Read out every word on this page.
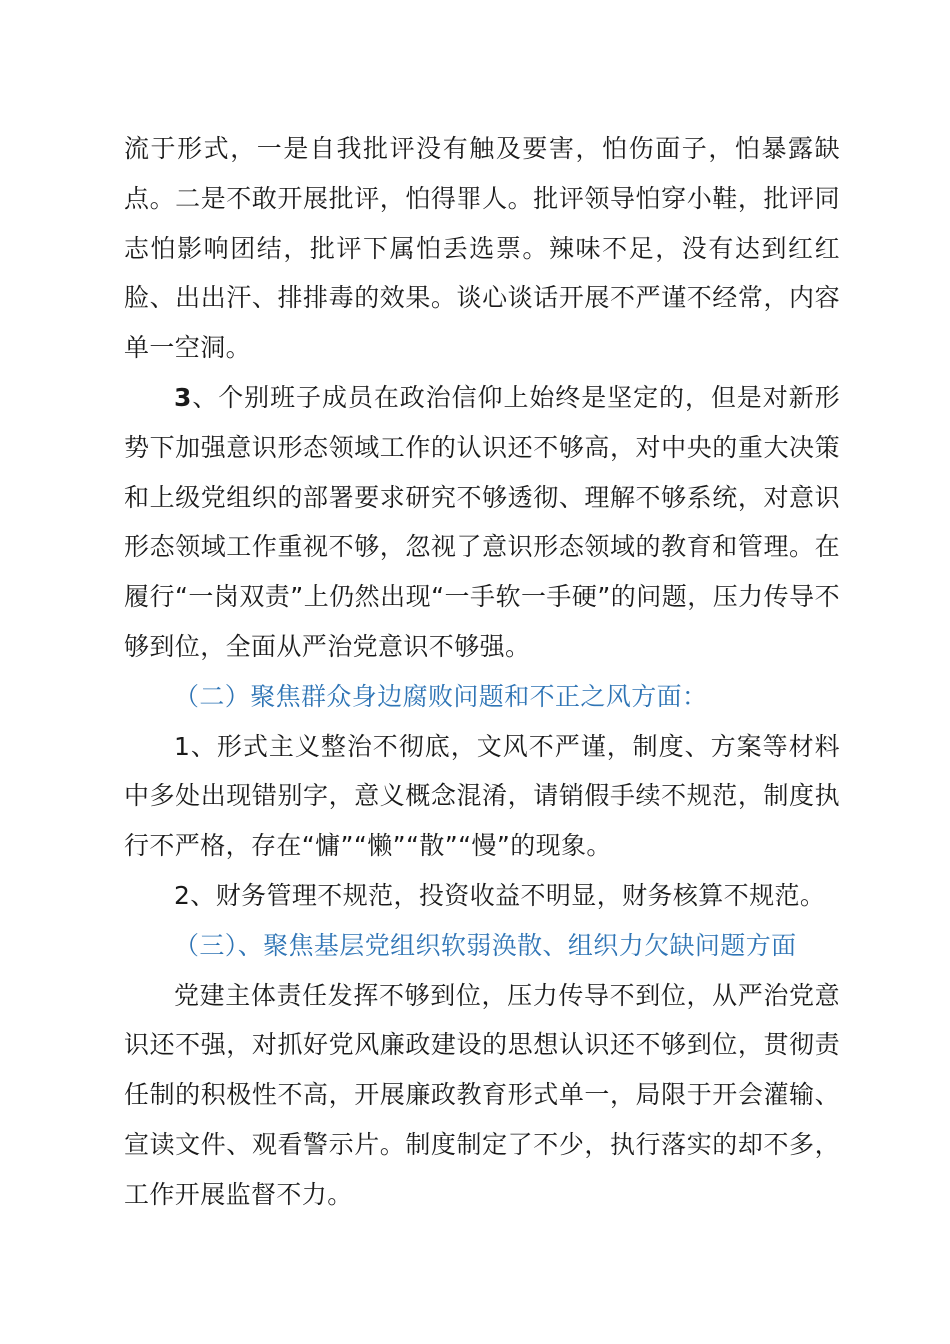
流于形式，一是自我批评没有触及要害，怕伤面子，怕暴露缺点。二是不敢开展批评，怕得罪人。批评领导怕穿小鞋，批评同志怕影响团结，批评下属怕丢选票。辣味不足，没有达到红红脸、出出汗、排排毒的效果。谈心谈话开展不严谨不经常，内容单一空洞。

3、个别班子成员在政治信仰上始终是坚定的，但是对新形势下加强意识形态领域工作的认识还不够高，对中央的重大决策和上级党组织的部署要求研究不够透彻、理解不够系统，对意识形态领域工作重视不够，忽视了意识形态领域的教育和管理。在履行“一岗双责”上仍然出现“一手软一手硬”的问题，压力传导不够到位，全面从严治党意识不够强。

（二）聚焦群众身边腐败问题和不正之风方面：

1、形式主义整治不彻底，文风不严谨，制度、方案等材料中多处出现错别字，意义概念混淆，请销假手续不规范，制度执行不严格，存在“慵”“懒”“散”“慢”的现象。

2、财务管理不规范，投资收益不明显，财务核算不规范。

（三）、聚焦基层党组织软弱涣散、组织力欠缺问题方面

党建主体责任发挥不够到位，压力传导不到位，从严治党意识还不强，对抓好党风廉政建设的思想认识还不够到位，贯彻责任制的积极性不高，开展廉政教育形式单一，局限于开会灌输、宣读文件、观看警示片。制度制定了不少，执行落实的却不多，工作开展监督不力。
